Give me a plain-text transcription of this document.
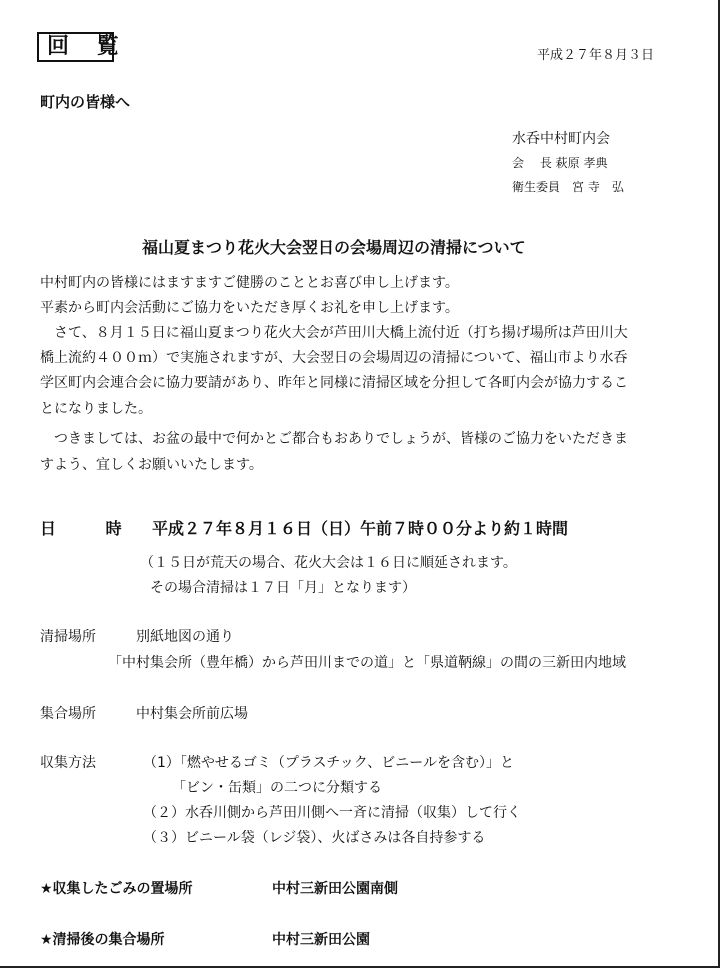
回 覧	平成２７年８月３日
町内の皆様へ
水呑中村町内会
会　 長 萩原 孝典
衛生委員　宮 寺　弘
福山夏まつり花火大会翌日の会場周辺の清掃について
中村町内の皆様にはますますご健勝のこととお喜び申し上げます。
平素から町内会活動にご協力をいただき厚くお礼を申し上げます。
　さて、８月１５日に福山夏まつり花火大会が芦田川大橋上流付近（打ち揚げ場所は芦田川大
橋上流約４００ｍ）で実施されますが、大会翌日の会場周辺の清掃について、福山市より水呑
学区町内会連合会に協力要請があり、昨年と同様に清掃区域を分担して各町内会が協力するこ
とになりました。
　つきましては、お盆の最中で何かとご都合もおありでしょうが、皆様のご協力をいただきま
すよう、宜しくお願いいたします。
日 時 平成２７年８月１６日（日）午前７時００分より約１時間
（１５日が荒天の場合、花火大会は１６日に順延されます。
その場合清掃は１７日「月」となります）
清掃場所	別紙地図の通り
「中村集会所（豊年橋）から芦田川までの道」と「県道鞆線」の間の三新田内地域
集合場所	中村集会所前広場
収集方法	（1）「燃やせるゴミ（プラスチック、ビニールを含む）」と
「ビン・缶類」の二つに分類する
（２）水呑川側から芦田川側へ一斉に清掃（収集）して行く
（３）ビニール袋（レジ袋）、火ばさみは各自持参する
★収集したごみの置場所	中村三新田公園南側
★清掃後の集合場所	中村三新田公園
